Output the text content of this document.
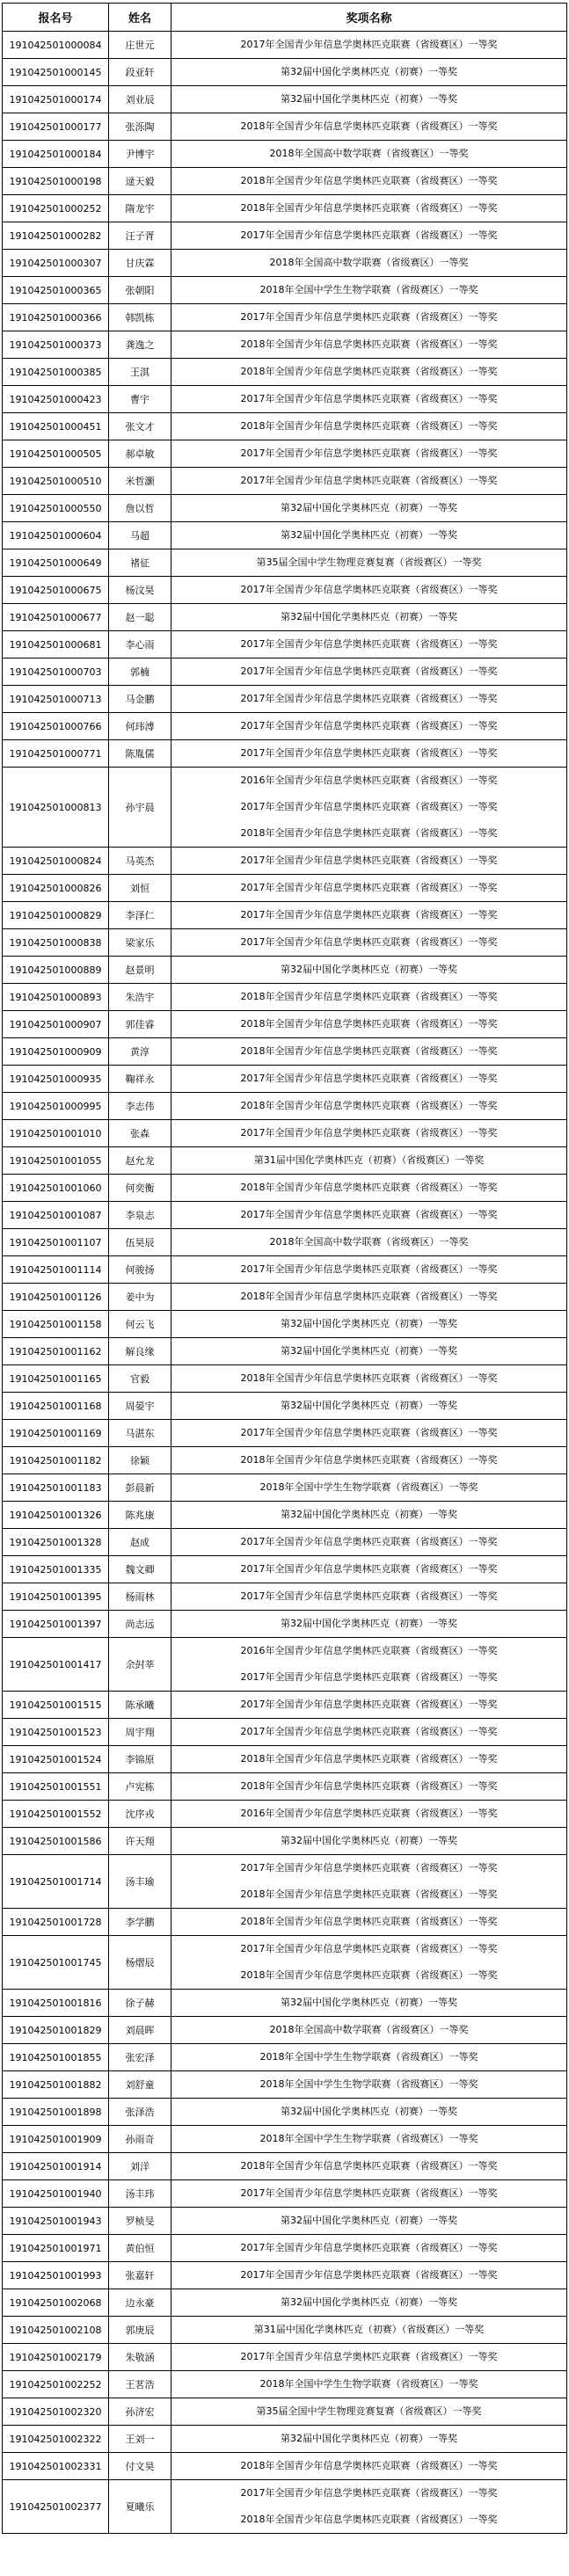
报名号	姓名	奖项名称
191042501000084	庄世元	2017年全国青少年信息学奥林匹克联赛（省级赛区）一等奖

191042501000145	段亚轩	第32届中国化学奥林匹克（初赛）一等奖

191042501000174	刘业辰	第32届中国化学奥林匹克（初赛）一等奖

191042501000177	张泺陶	2018年全国青少年信息学奥林匹克联赛（省级赛区）一等奖

191042501000184	尹博宇	2018年全国高中数学联赛（省级赛区）一等奖

191042501000198	逯天毅	2018年全国青少年信息学奥林匹克联赛（省级赛区）一等奖

191042501000252	隋龙宇	2018年全国青少年信息学奥林匹克联赛（省级赛区）一等奖

191042501000282	汪子胥	2017年全国青少年信息学奥林匹克联赛（省级赛区）一等奖

191042501000307	甘庆霖	2018年全国高中数学联赛（省级赛区）一等奖

191042501000365	张朝阳	2018年全国中学生生物学联赛（省级赛区）一等奖

191042501000366	韩凯栋	2017年全国青少年信息学奥林匹克联赛（省级赛区）一等奖

191042501000373	龚逸之	2018年全国青少年信息学奥林匹克联赛（省级赛区）一等奖

191042501000385	王淇	2018年全国青少年信息学奥林匹克联赛（省级赛区）一等奖

191042501000423	曹宇	2017年全国青少年信息学奥林匹克联赛（省级赛区）一等奖

191042501000451	张文才	2018年全国青少年信息学奥林匹克联赛（省级赛区）一等奖

191042501000505	郝卓敏	2017年全国青少年信息学奥林匹克联赛（省级赛区）一等奖

191042501000510	米哲灏	2017年全国青少年信息学奥林匹克联赛（省级赛区）一等奖

191042501000550	詹以哲	第32届中国化学奥林匹克（初赛）一等奖

191042501000604	马超	第32届中国化学奥林匹克（初赛）一等奖

191042501000649	褚征	第35届全国中学生物理竞赛复赛（省级赛区）一等奖

191042501000675	杨汶昊	2017年全国青少年信息学奥林匹克联赛（省级赛区）一等奖

191042501000677	赵一聪	第32届中国化学奥林匹克（初赛）一等奖

191042501000681	李心雨	2017年全国青少年信息学奥林匹克联赛（省级赛区）一等奖

191042501000703	郭楠	2017年全国青少年信息学奥林匹克联赛（省级赛区）一等奖

191042501000713	马金鹏	2017年全国青少年信息学奥林匹克联赛（省级赛区）一等奖

191042501000766	何玮溥	2017年全国青少年信息学奥林匹克联赛（省级赛区）一等奖

191042501000771	陈胤儒	2017年全国青少年信息学奥林匹克联赛（省级赛区）一等奖

191042501000813	孙宇晨	2016年全国青少年信息学奥林匹克联赛（省级赛区）一等奖
2017年全国青少年信息学奥林匹克联赛（省级赛区）一等奖
2018年全国青少年信息学奥林匹克联赛（省级赛区）一等奖

191042501000824	马英杰	2017年全国青少年信息学奥林匹克联赛（省级赛区）一等奖

191042501000826	刘恒	2017年全国青少年信息学奥林匹克联赛（省级赛区）一等奖

191042501000829	李泽仁	2017年全国青少年信息学奥林匹克联赛（省级赛区）一等奖

191042501000838	梁家乐	2017年全国青少年信息学奥林匹克联赛（省级赛区）一等奖

191042501000889	赵景明	第32届中国化学奥林匹克（初赛）一等奖

191042501000893	朱浩宇	2018年全国青少年信息学奥林匹克联赛（省级赛区）一等奖

191042501000907	郭佳睿	2018年全国青少年信息学奥林匹克联赛（省级赛区）一等奖

191042501000909	黄淳	2018年全国青少年信息学奥林匹克联赛（省级赛区）一等奖

191042501000935	鞠祥永	2017年全国青少年信息学奥林匹克联赛（省级赛区）一等奖

191042501000995	李志伟	2018年全国青少年信息学奥林匹克联赛（省级赛区）一等奖

191042501001010	张森	2017年全国青少年信息学奥林匹克联赛（省级赛区）一等奖

191042501001055	赵允龙	第31届中国化学奥林匹克（初赛）（省级赛区）一等奖

191042501001060	何奕衡	2018年全国青少年信息学奥林匹克联赛（省级赛区）一等奖

191042501001087	李泉志	2017年全国青少年信息学奥林匹克联赛（省级赛区）一等奖

191042501001107	伍昊辰	2018年全国高中数学联赛（省级赛区）一等奖

191042501001114	何骏扬	2017年全国青少年信息学奥林匹克联赛（省级赛区）一等奖

191042501001126	姜中为	2018年全国青少年信息学奥林匹克联赛（省级赛区）一等奖

191042501001158	何云飞	第32届中国化学奥林匹克（初赛）一等奖

191042501001162	解良缘	第32届中国化学奥林匹克（初赛）一等奖

191042501001165	官毅	2018年全国青少年信息学奥林匹克联赛（省级赛区）一等奖

191042501001168	周晏宇	第32届中国化学奥林匹克（初赛）一等奖

191042501001169	马湛东	2017年全国青少年信息学奥林匹克联赛（省级赛区）一等奖

191042501001182	徐颖	2018年全国青少年信息学奥林匹克联赛（省级赛区）一等奖

191042501001183	彭晨新	2018年全国中学生生物学联赛（省级赛区）一等奖

191042501001326	陈兆康	第32届中国化学奥林匹克（初赛）一等奖

191042501001328	赵成	2017年全国青少年信息学奥林匹克联赛（省级赛区）一等奖

191042501001335	魏文卿	2017年全国青少年信息学奥林匹克联赛（省级赛区）一等奖

191042501001395	杨雨林	2017年全国青少年信息学奥林匹克联赛（省级赛区）一等奖

191042501001397	尚志远	第32届中国化学奥林匹克（初赛）一等奖

191042501001417	余尌莘	2016年全国青少年信息学奥林匹克联赛（省级赛区）一等奖
2017年全国青少年信息学奥林匹克联赛（省级赛区）一等奖

191042501001515	陈承曦	2017年全国青少年信息学奥林匹克联赛（省级赛区）一等奖

191042501001523	周宇翔	2017年全国青少年信息学奥林匹克联赛（省级赛区）一等奖

191042501001524	李锦原	2018年全国青少年信息学奥林匹克联赛（省级赛区）一等奖

191042501001551	卢宪栋	2018年全国青少年信息学奥林匹克联赛（省级赛区）一等奖

191042501001552	沈序戎	2016年全国青少年信息学奥林匹克联赛（省级赛区）一等奖

191042501001586	许天翔	第32届中国化学奥林匹克（初赛）一等奖

191042501001714	汤丰瑜	2017年全国青少年信息学奥林匹克联赛（省级赛区）一等奖
2018年全国青少年信息学奥林匹克联赛（省级赛区）一等奖

191042501001728	李学鹏	2018年全国青少年信息学奥林匹克联赛（省级赛区）一等奖

191042501001745	杨熠辰	2017年全国青少年信息学奥林匹克联赛（省级赛区）一等奖
2018年全国青少年信息学奥林匹克联赛（省级赛区）一等奖

191042501001816	徐子赫	第32届中国化学奥林匹克（初赛）一等奖

191042501001829	刘晨晖	2018年全国高中数学联赛（省级赛区）一等奖

191042501001855	张宏泽	2018年全国中学生生物学联赛（省级赛区）一等奖

191042501001882	刘舒童	2018年全国中学生生物学联赛（省级赛区）一等奖

191042501001898	张泽浩	第32届中国化学奥林匹克（初赛）一等奖

191042501001909	孙雨奇	2018年全国中学生生物学联赛（省级赛区）一等奖

191042501001914	刘洋	2018年全国青少年信息学奥林匹克联赛（省级赛区）一等奖

191042501001940	汤丰玮	2017年全国青少年信息学奥林匹克联赛（省级赛区）一等奖

191042501001943	罗桢旻	第32届中国化学奥林匹克（初赛）一等奖

191042501001971	黄伯恒	2017年全国青少年信息学奥林匹克联赛（省级赛区）一等奖

191042501001993	张嘉轩	2017年全国青少年信息学奥林匹克联赛（省级赛区）一等奖

191042501002068	边永豪	第32届中国化学奥林匹克（初赛）一等奖

191042501002108	郭庚辰	第31届中国化学奥林匹克（初赛）（省级赛区）一等奖

191042501002179	朱敬涵	2017年全国青少年信息学奥林匹克联赛（省级赛区）一等奖

191042501002252	王茗浩	2018年全国中学生生物学联赛（省级赛区）一等奖

191042501002320	孙济宏	第35届全国中学生物理竞赛复赛（省级赛区）一等奖

191042501002322	王刘一	第32届中国化学奥林匹克（初赛）一等奖

191042501002331	付文昊	2018年全国青少年信息学奥林匹克联赛（省级赛区）一等奖

191042501002377	夏曦乐	2017年全国青少年信息学奥林匹克联赛（省级赛区）一等奖
2018年全国青少年信息学奥林匹克联赛（省级赛区）一等奖
